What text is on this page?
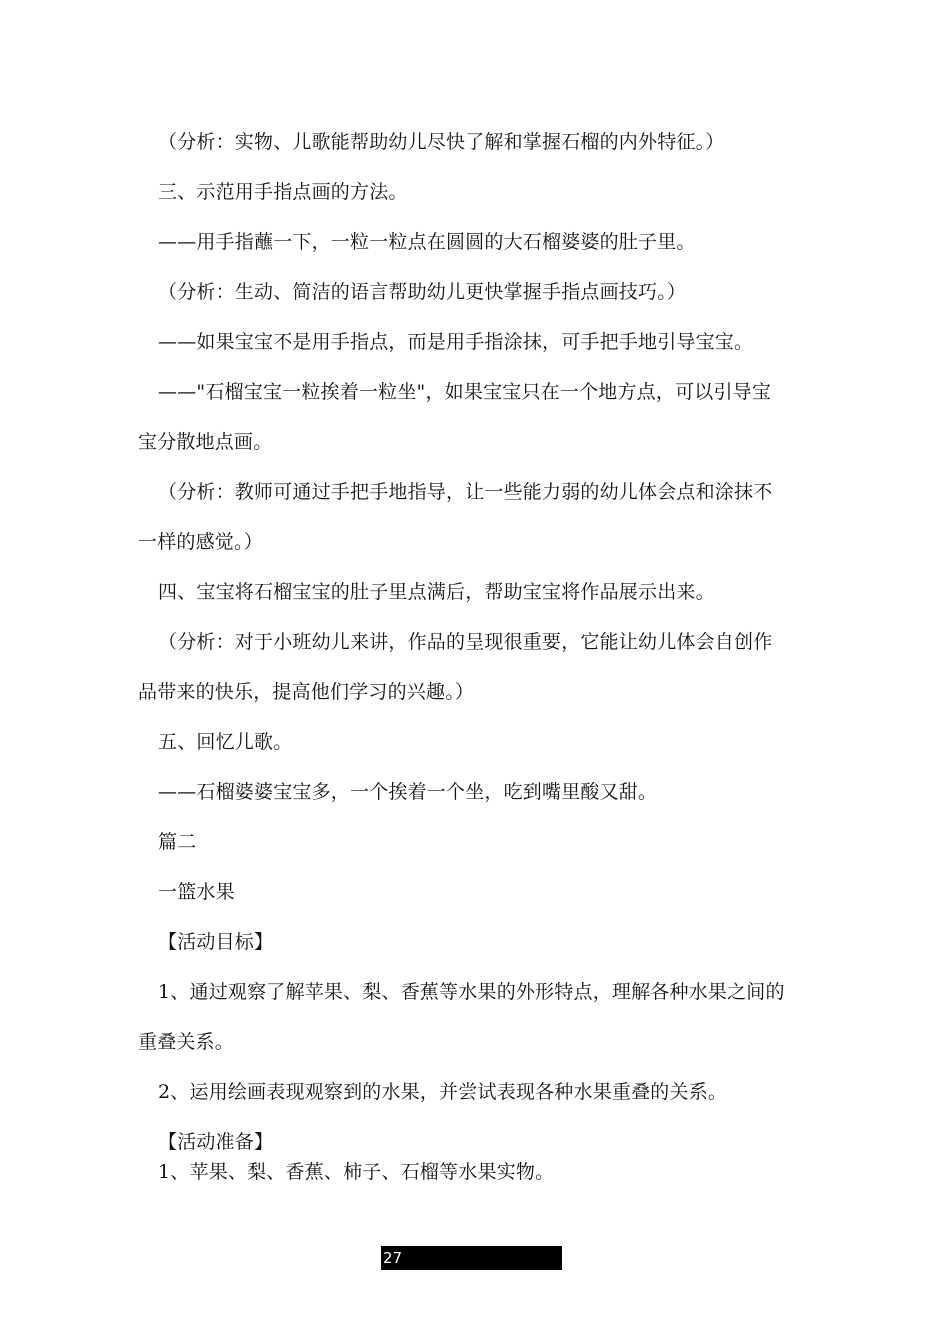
（分析：实物、儿歌能帮助幼儿尽快了解和掌握石榴的内外特征。）
三、示范用手指点画的方法。
——用手指蘸一下，一粒一粒点在圆圆的大石榴婆婆的肚子里。
（分析：生动、简洁的语言帮助幼儿更快掌握手指点画技巧。）
——如果宝宝不是用手指点，而是用手指涂抹，可手把手地引导宝宝。
——"石榴宝宝一粒挨着一粒坐"，如果宝宝只在一个地方点，可以引导宝
宝分散地点画。
（分析：教师可通过手把手地指导，让一些能力弱的幼儿体会点和涂抹不
一样的感觉。）
四、宝宝将石榴宝宝的肚子里点满后，帮助宝宝将作品展示出来。
（分析：对于小班幼儿来讲，作品的呈现很重要，它能让幼儿体会自创作
品带来的快乐，提高他们学习的兴趣。）
五、回忆儿歌。
——石榴婆婆宝宝多，一个挨着一个坐，吃到嘴里酸又甜。
篇二
一篮水果
【活动目标】
1、通过观察了解苹果、梨、香蕉等水果的外形特点，理解各种水果之间的
重叠关系。
2、运用绘画表现观察到的水果，并尝试表现各种水果重叠的关系。
【活动准备】
1、苹果、梨、香蕉、柿子、石榴等水果实物。
27
